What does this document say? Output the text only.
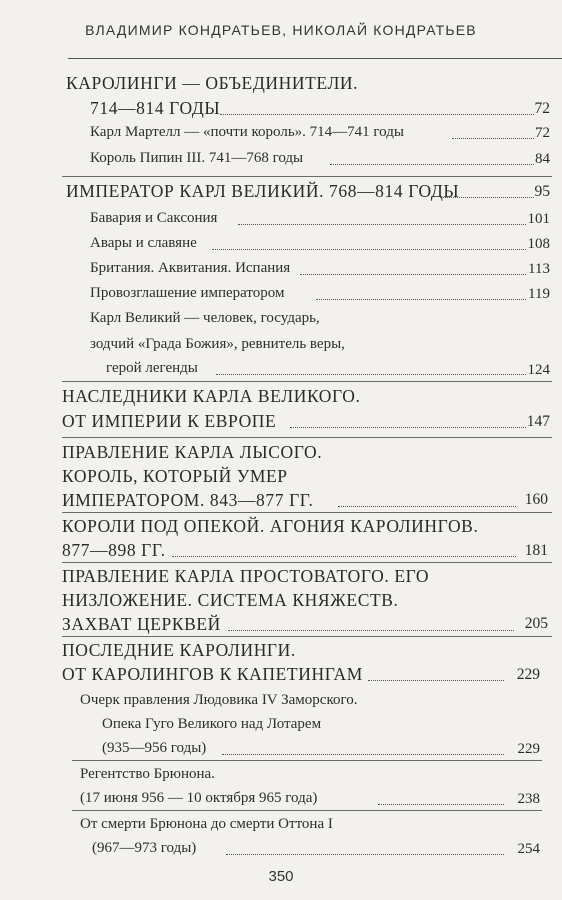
ВЛАДИМИР КОНДРАТЬЕВ, НИКОЛАЙ КОНДРАТЬЕВ
КАРОЛИНГИ — ОБЪЕДИНИТЕЛИ.
714—814 ГОДЫ	72
Карл Мартелл — «почти король». 714—741 годы	72
Король Пипин III. 741—768 годы	84
ИМПЕРАТОР КАРЛ ВЕЛИКИЙ. 768—814 ГОДЫ	95
Бавария и Саксония	101
Авары и славяне	108
Британия. Аквитания. Испания	113
Провозглашение императором	119
Карл Великий — человек, государь,
зодчий «Града Божия», ревнитель веры,
герой легенды	124
НАСЛЕДНИКИ КАРЛА ВЕЛИКОГО.
ОТ ИМПЕРИИ К ЕВРОПЕ	147
ПРАВЛЕНИЕ КАРЛА ЛЫСОГО.
КОРОЛЬ, КОТОРЫЙ УМЕР
ИМПЕРАТОРОМ. 843—877 ГГ.	160
КОРОЛИ ПОД ОПЕКОЙ. АГОНИЯ КАРОЛИНГОВ.
877—898 ГГ.	181
ПРАВЛЕНИЕ КАРЛА ПРОСТОВАТОГО. ЕГО
НИЗЛОЖЕНИЕ. СИСТЕМА КНЯЖЕСТВ.
ЗАХВАТ ЦЕРКВЕЙ	205
ПОСЛЕДНИЕ КАРОЛИНГИ.
ОТ КАРОЛИНГОВ К КАПЕТИНГАМ	229
Очерк правления Людовика IV Заморского.
Опека Гуго Великого над Лотарем
(935—956 годы)	229
Регентство Брюнона.
(17 июня 956 — 10 октября 965 года)	238
От смерти Брюнона до смерти Оттона I
(967—973 годы)	254
350
